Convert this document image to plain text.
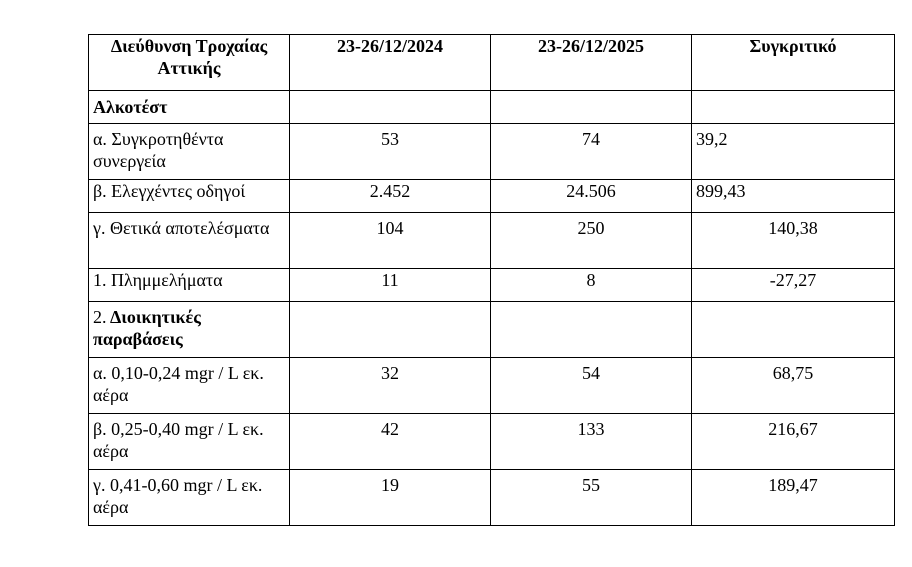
Διεύθυνση Τροχαίας Αττικής	23-26/12/2024	23-26/12/2025	Συγκριτικό
Αλκοτέστ			
α. Συγκροτηθέντα συνεργεία	53	74	39,2
β. Ελεγχέντες οδηγοί	2.452	24.506	899,43
γ. Θετικά αποτελέσματα	104	250	140,38
1. Πλημμελήματα	11	8	-27,27
2. Διοικητικές παραβάσεις			
α. 0,10-0,24 mgr / L εκ. αέρα	32	54	68,75
β. 0,25-0,40 mgr / L εκ. αέρα	42	133	216,67
γ. 0,41-0,60 mgr / L εκ. αέρα	19	55	189,47
